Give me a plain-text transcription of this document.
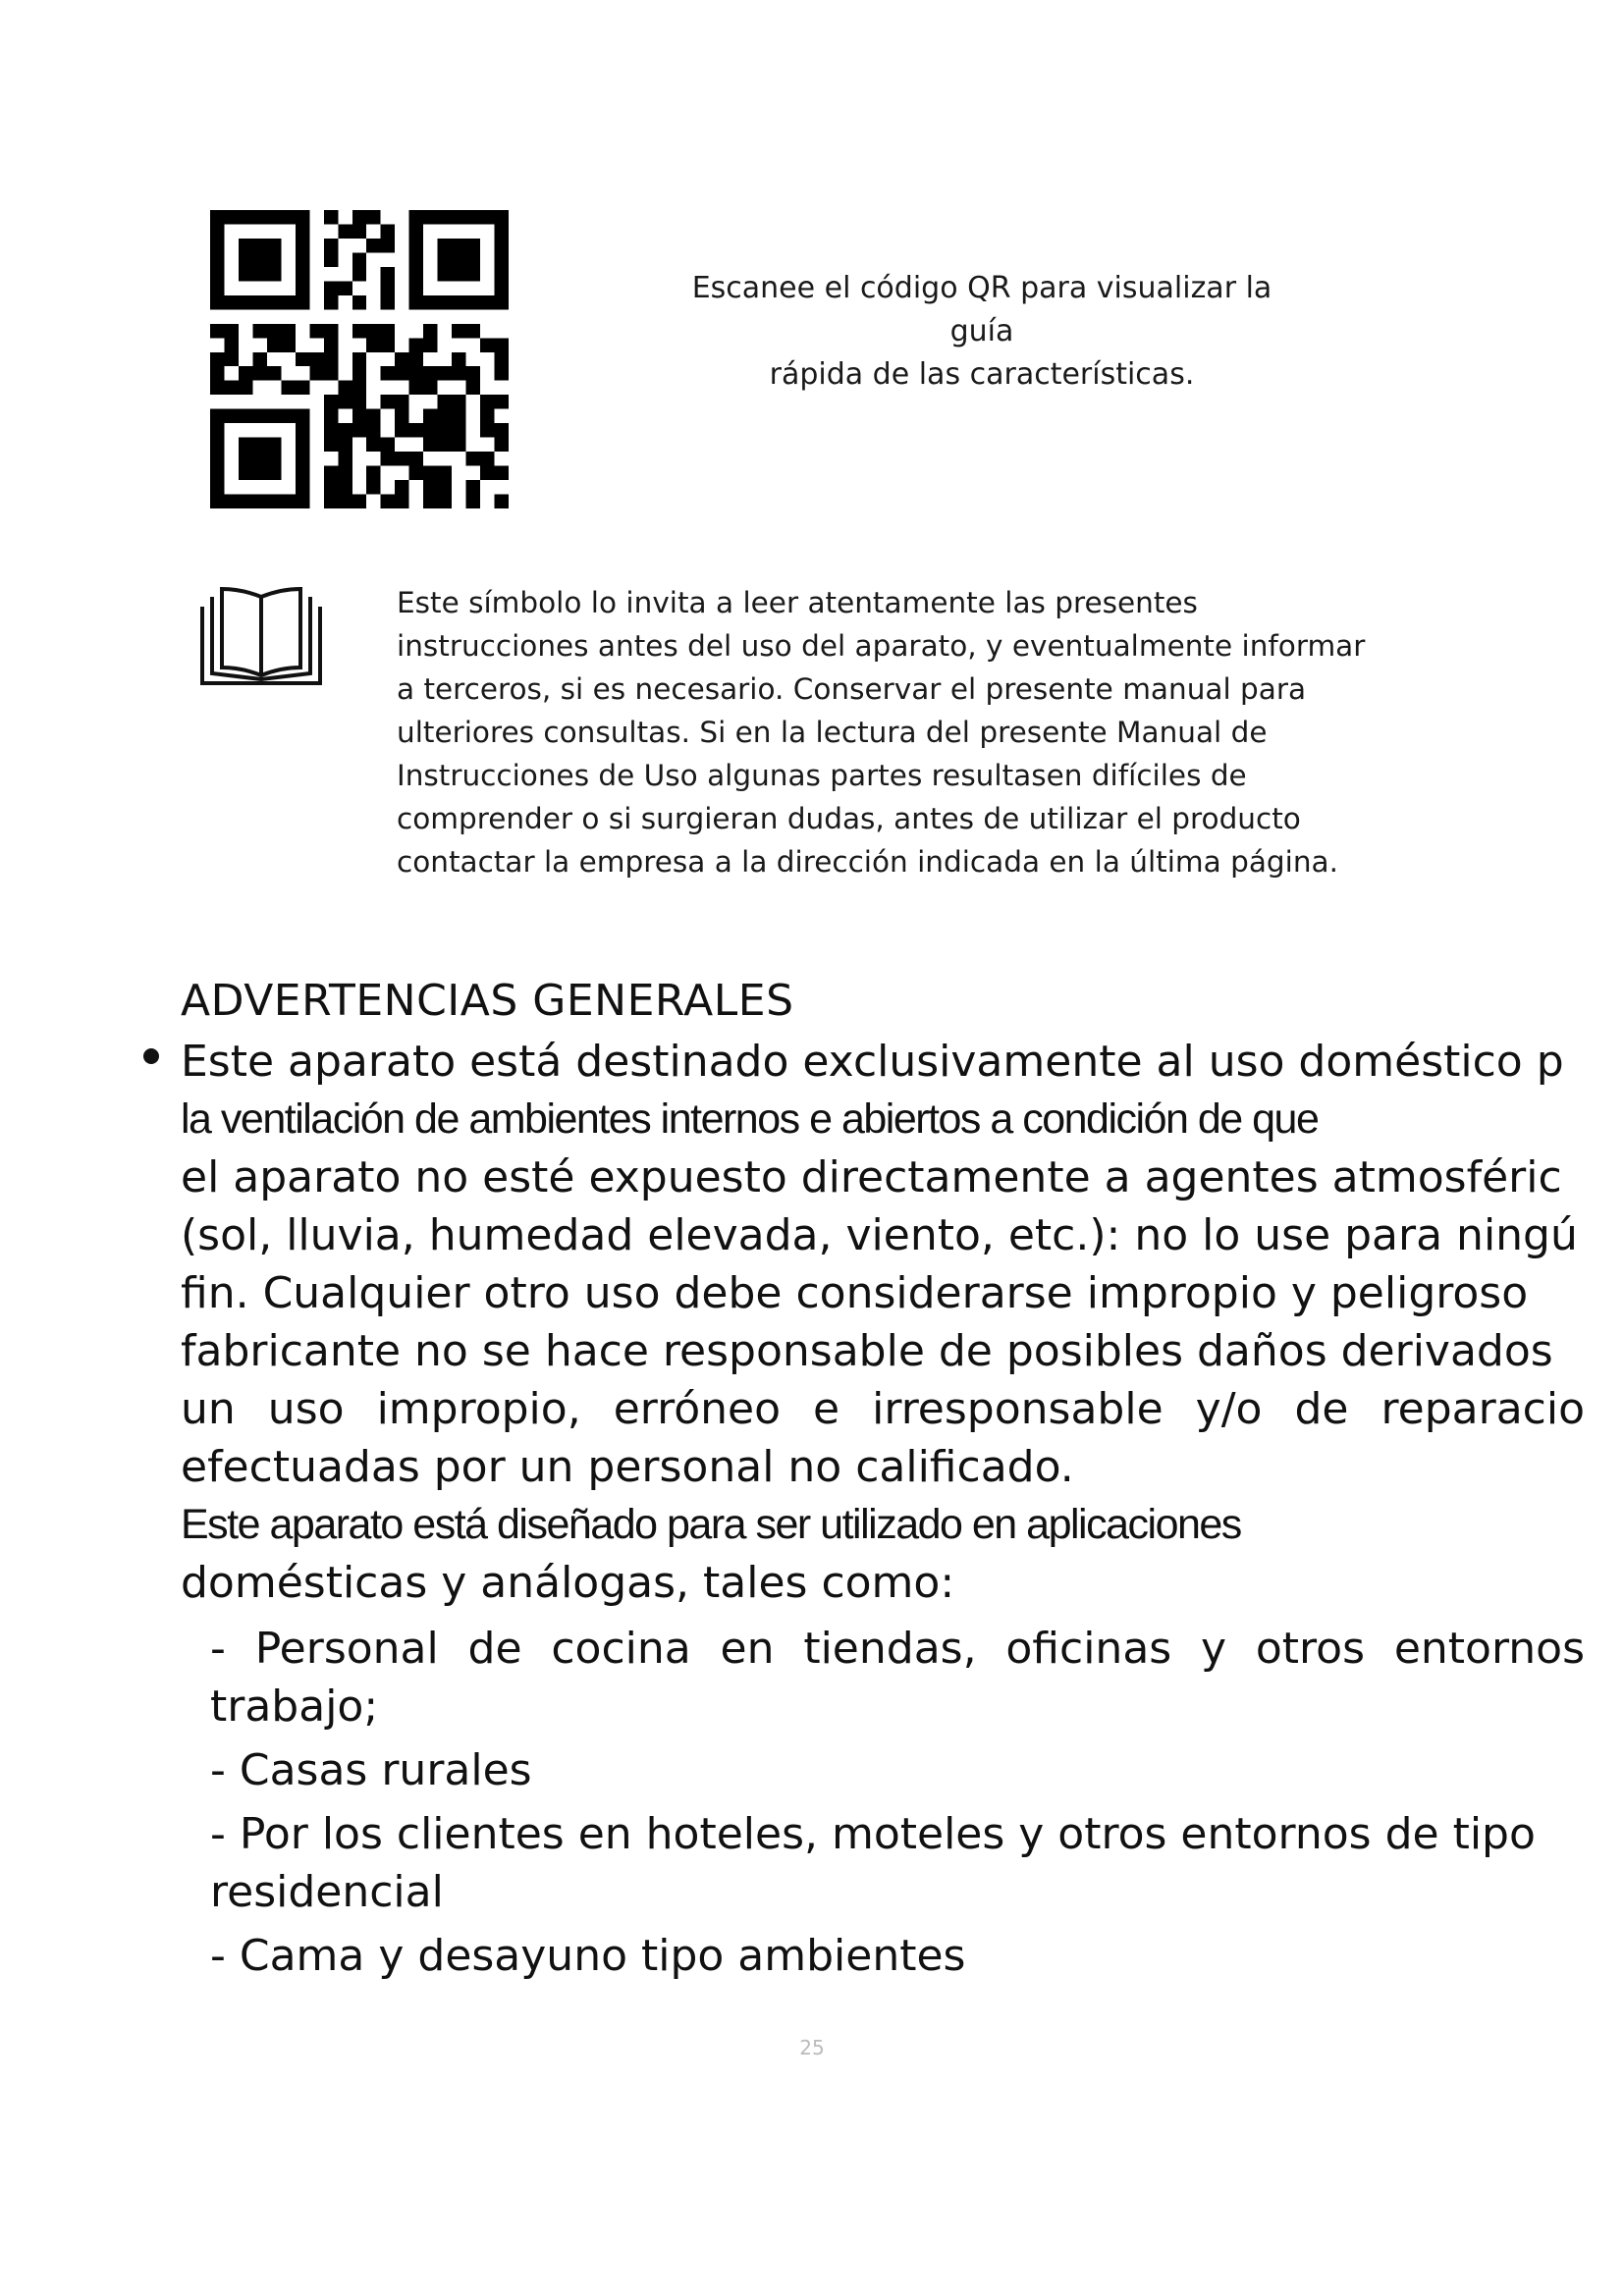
Escanee el código QR para visualizar la guía
rápida de las características.
Este símbolo lo invita a leer atentamente las presentes
instrucciones antes del uso del aparato, y eventualmente informar
a terceros, si es necesario. Conservar el presente manual para
ulteriores consultas. Si en la lectura del presente Manual de
Instrucciones de Uso algunas partes resultasen difíciles de
comprender o si surgieran dudas, antes de utilizar el producto
contactar la empresa a la dirección indicada en la última página.
ADVERTENCIAS GENERALES
Este aparato está destinado exclusivamente al uso doméstico p
la ventilación de ambientes internos e abiertos a condición de que
el aparato no esté expuesto directamente a agentes atmosféric
(sol, lluvia, humedad elevada, viento, etc.): no lo use para ningú
fin. Cualquier otro uso debe considerarse impropio y peligroso
fabricante no se hace responsable de posibles daños derivados
un uso impropio, erróneo e irresponsable y/o de reparacio
efectuadas por un personal no calificado.
Este aparato está diseñado para ser utilizado en aplicaciones
domésticas y análogas, tales como:
- Personal de cocina en tiendas, oficinas y otros entornos
trabajo;
- Casas rurales
- Por los clientes en hoteles, moteles y otros entornos de tipo
residencial
- Cama y desayuno tipo ambientes
25
